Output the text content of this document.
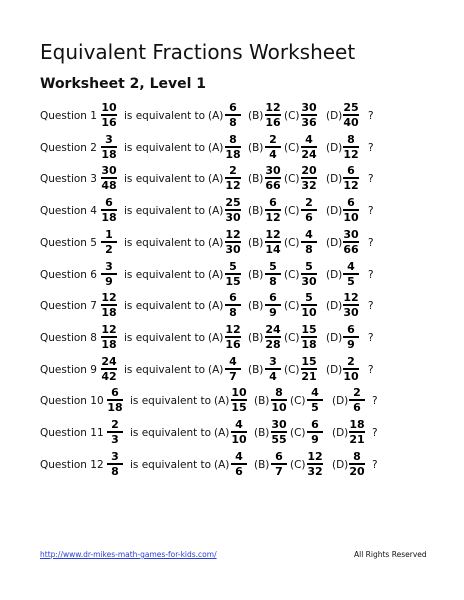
Equivalent Fractions Worksheet
Worksheet 2, Level 1
Question 1
10
16 is equivalent to (A)
6
8 (B)
12
16 (C)
30
36 (D)
25
40 ?
Question 2
3
18 is equivalent to (A)
8
18 (B)
2
4 (C)
4
24 (D)
8
12 ?
Question 3
30
48 is equivalent to (A)
2
12 (B)
30
66 (C)
20
32 (D)
6
12 ?
Question 4
6
18 is equivalent to (A)
25
30 (B)
6
12 (C)
2
6 (D)
6
10 ?
Question 5
1
2 is equivalent to (A)
12
30 (B)
12
14 (C)
4
8 (D)
30
66 ?
Question 6
3
9 is equivalent to (A)
5
15 (B)
5
8 (C)
5
30 (D)
4
5 ?
Question 7
12
18 is equivalent to (A)
6
8 (B)
6
9 (C)
5
10 (D)
12
30 ?
Question 8
12
18 is equivalent to (A)
12
16 (B)
24
28 (C)
15
18 (D)
6
9 ?
Question 9
24
42 is equivalent to (A)
4
7 (B)
3
4 (C)
15
21 (D)
2
10 ?
Question 10
6
18 is equivalent to (A)
10
15 (B)
8
10 (C)
4
5 (D)
2
6 ?
Question 11
2
3 is equivalent to (A)
4
10 (B)
30
55 (C)
6
9 (D)
18
21 ?
Question 12
3
8 is equivalent to (A)
4
6 (B)
6
7 (C)
12
32 (D)
8
20 ?
http://www.dr-mikes-math-games-for-kids.com/	All Rights Reserved
